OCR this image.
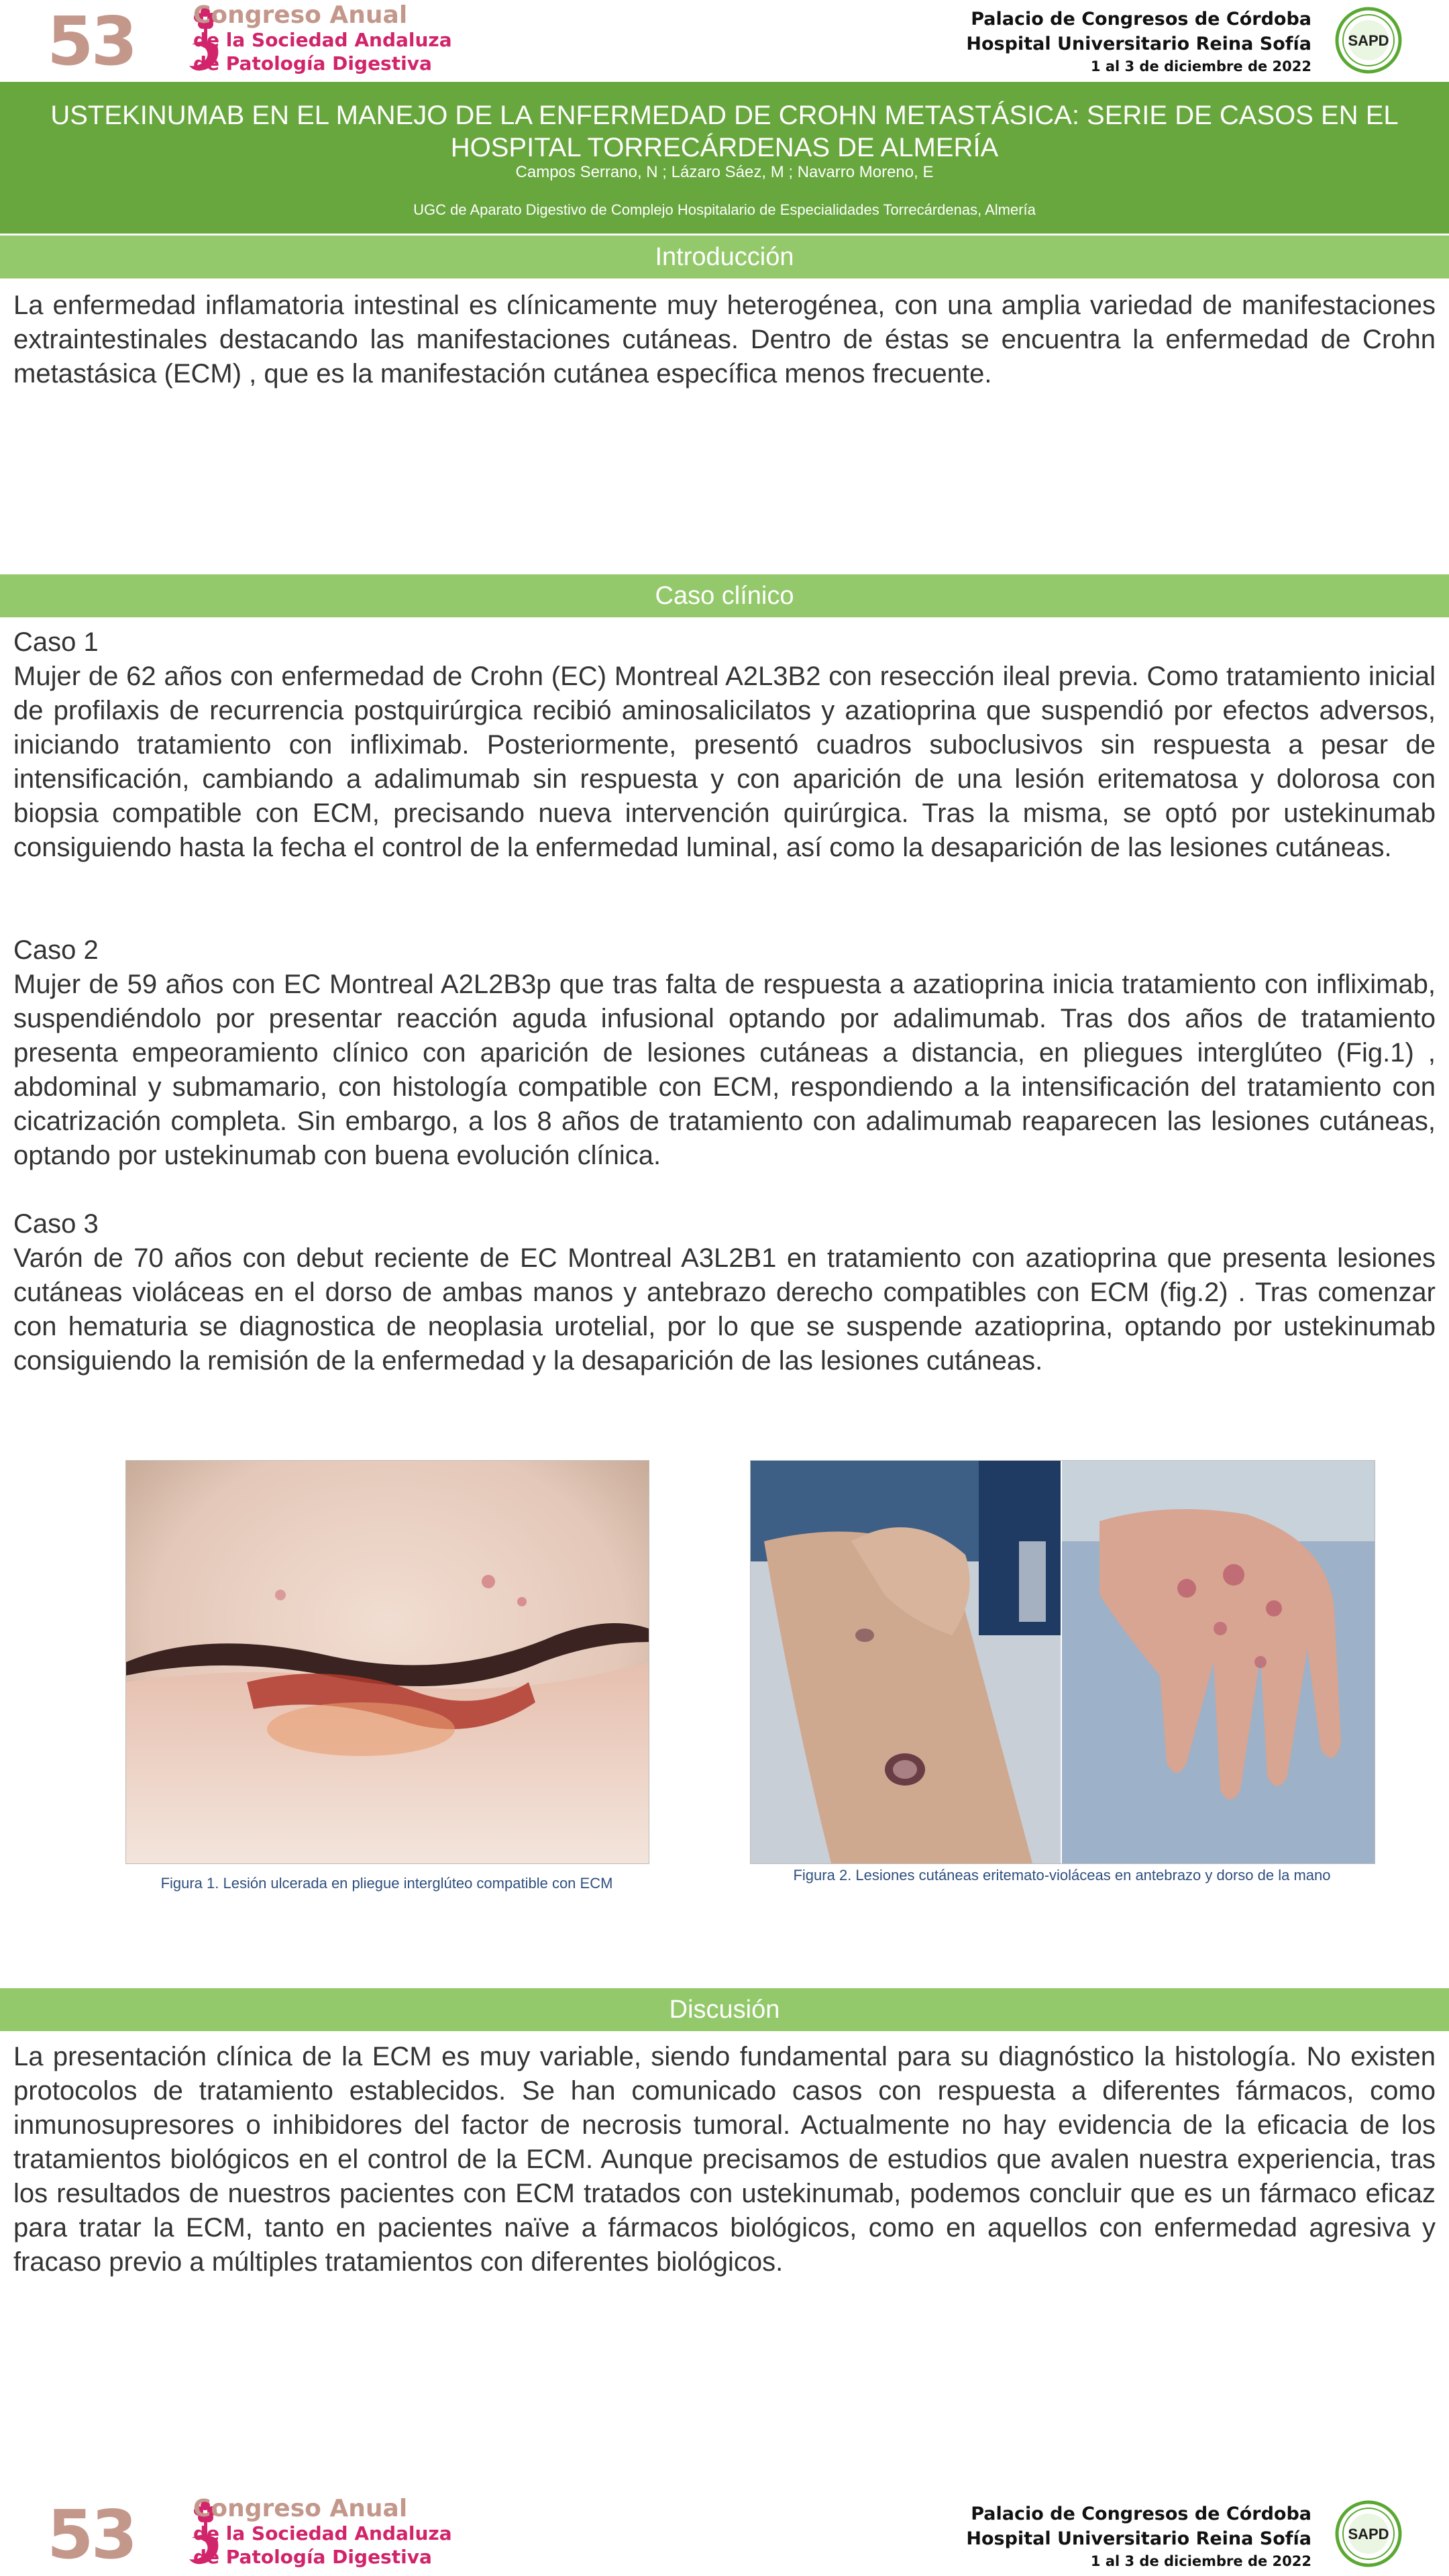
53 Congreso Anual
de la Sociedad Andaluza
de Patología Digestiva
Palacio de Congresos de Córdoba
Hospital Universitario Reina Sofía
1 al 3 de diciembre de 2022
SAPD
USTEKINUMAB EN EL MANEJO DE LA ENFERMEDAD DE CROHN METASTÁSICA: SERIE DE CASOS EN EL HOSPITAL TORRECÁRDENAS DE ALMERÍA
Campos Serrano, N ; Lázaro Sáez, M ; Navarro Moreno, E
UGC de Aparato Digestivo de Complejo Hospitalario de Especialidades Torrecárdenas, Almería
Introducción
La enfermedad inflamatoria intestinal es clínicamente muy heterogénea, con una amplia variedad de manifestaciones extraintestinales destacando las manifestaciones cutáneas. Dentro de éstas se encuentra la enfermedad de Crohn metastásica (ECM) , que es la manifestación cutánea específica menos frecuente.
Caso clínico
Caso 1
Mujer de 62 años con enfermedad de Crohn (EC) Montreal A2L3B2 con resección ileal previa. Como tratamiento inicial de profilaxis de recurrencia postquirúrgica recibió aminosalicilatos y azatioprina que suspendió por efectos adversos, iniciando tratamiento con infliximab. Posteriormente, presentó cuadros suboclusivos sin respuesta a pesar de intensificación, cambiando a adalimumab sin respuesta y con aparición de una lesión eritematosa y dolorosa con biopsia compatible con ECM, precisando nueva intervención quirúrgica. Tras la misma, se optó por ustekinumab consiguiendo hasta la fecha el control de la enfermedad luminal, así como la desaparición de las lesiones cutáneas.
Caso 2
Mujer de 59 años con EC Montreal A2L2B3p que tras falta de respuesta a azatioprina inicia tratamiento con infliximab, suspendiéndolo por presentar reacción aguda infusional optando por adalimumab. Tras dos años de tratamiento presenta empeoramiento clínico con aparición de lesiones cutáneas a distancia, en pliegues interglúteo (Fig.1) , abdominal y submamario, con histología compatible con ECM, respondiendo a la intensificación del tratamiento con cicatrización completa. Sin embargo, a los 8 años de tratamiento con adalimumab reaparecen las lesiones cutáneas, optando por ustekinumab con buena evolución clínica.
Caso 3
Varón de 70 años con debut reciente de EC Montreal A3L2B1 en tratamiento con azatioprina que presenta lesiones cutáneas violáceas en el dorso de ambas manos y antebrazo derecho compatibles con ECM (fig.2) . Tras comenzar con hematuria se diagnostica de neoplasia urotelial, por lo que se suspende azatioprina, optando por ustekinumab consiguiendo la remisión de la enfermedad y la desaparición de las lesiones cutáneas.
Figura 1. Lesión ulcerada en pliegue interglúteo compatible con ECM	Figura 2. Lesiones cutáneas eritemato-violáceas en antebrazo y dorso de la mano
Discusión
La presentación clínica de la ECM es muy variable, siendo fundamental para su diagnóstico la histología. No existen protocolos de tratamiento establecidos. Se han comunicado casos con respuesta a diferentes fármacos, como inmunosupresores o inhibidores del factor de necrosis tumoral. Actualmente no hay evidencia de la eficacia de los tratamientos biológicos en el control de la ECM. Aunque precisamos de estudios que avalen nuestra experiencia, tras los resultados de nuestros pacientes con ECM tratados con ustekinumab, podemos concluir que es un fármaco eficaz para tratar la ECM, tanto en pacientes naïve a fármacos biológicos, como en aquellos con enfermedad agresiva y fracaso previo a múltiples tratamientos con diferentes biológicos.
53 Congreso Anual
de la Sociedad Andaluza
de Patología Digestiva
Palacio de Congresos de Córdoba
Hospital Universitario Reina Sofía
1 al 3 de diciembre de 2022
SAPD
